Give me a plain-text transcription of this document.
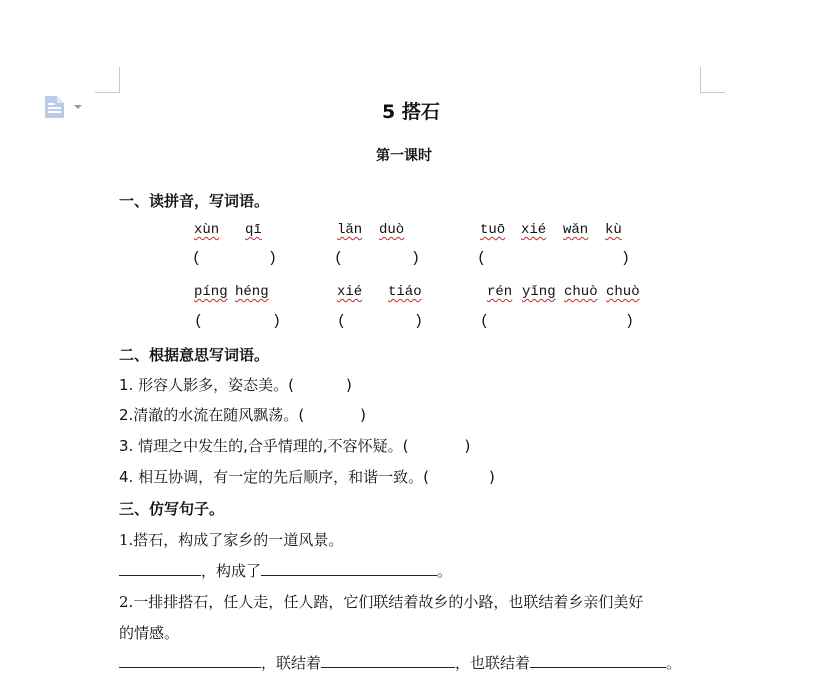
5 搭石
第一课时
一、读拼音，写词语。
xùn qī
(	)
lǎn duò
(	)
tuō xié wǎn kù
(	)
píng héng
(	)
xié tiáo
(	)
rén yǐng chuò chuò
(	)
二、根据意思写词语。
1. 形容人影多，姿态美。(	)
2.清澈的水流在随风飘荡。(	)
3. 情理之中发生的,合乎情理的,不容怀疑。(	)
4. 相互协调，有一定的先后顺序，和谐一致。(	)
三、仿写句子。
1.搭石，构成了家乡的一道风景。
，构成了	。
2.一排排搭石，任人走，任人踏，它们联结着故乡的小路，也联结着乡亲们美好
的情感。
，联结着	，也联结着	。
